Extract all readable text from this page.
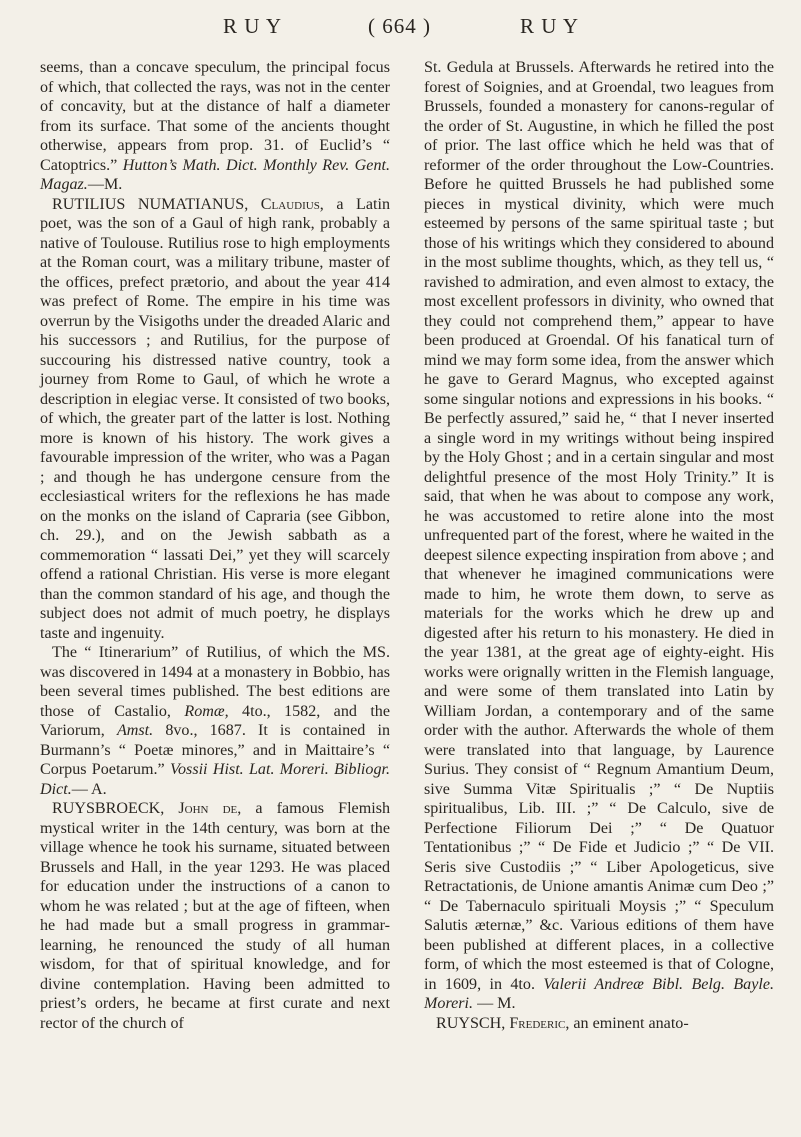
R U Y	( 664 )	R U Y

seems, than a concave speculum, the principal focus of which, that collected the rays, was not in the center of concavity, but at the distance of half a diameter from its surface. That some of the ancients thought otherwise, appears from prop. 31. of Euclid’s “ Catoptrics.” Hutton’s Math. Dict. Monthly Rev. Gent. Magaz.—M.

RUTILIUS NUMATIANUS, Claudius, a Latin poet, was the son of a Gaul of high rank, probably a native of Toulouse. Rutilius rose to high employments at the Roman court, was a military tribune, master of the offices, prefect prætorio, and about the year 414 was prefect of Rome. The empire in his time was overrun by the Visigoths under the dreaded Alaric and his successors ; and Rutilius, for the purpose of succouring his distressed native country, took a journey from Rome to Gaul, of which he wrote a description in elegiac verse. It consisted of two books, of which, the greater part of the latter is lost. Nothing more is known of his history. The work gives a favourable impression of the writer, who was a Pagan ; and though he has undergone censure from the ecclesiastical writers for the reflexions he has made on the monks on the island of Capraria (see Gibbon, ch. 29.), and on the Jewish sabbath as a commemoration “ lassati Dei,” yet they will scarcely offend a rational Christian. His verse is more elegant than the common standard of his age, and though the subject does not admit of much poetry, he displays taste and ingenuity.

The “ Itinerarium” of Rutilius, of which the MS. was discovered in 1494 at a monastery in Bobbio, has been several times published. The best editions are those of Castalio, Romæ, 4to., 1582, and the Variorum, Amst. 8vo., 1687. It is contained in Burmann’s “ Poetæ minores,” and in Maittaire’s “ Corpus Poetarum.” Vossii Hist. Lat. Moreri. Bibliogr. Dict.— A.

RUYSBROECK, John de, a famous Flemish mystical writer in the 14th century, was born at the village whence he took his surname, situated between Brussels and Hall, in the year 1293. He was placed for education under the instructions of a canon to whom he was related ; but at the age of fifteen, when he had made but a small progress in grammar-learning, he renounced the study of all human wisdom, for that of spiritual knowledge, and for divine contemplation. Having been admitted to priest’s orders, he became at first curate and next rector of the church of

St. Gedula at Brussels. Afterwards he retired into the forest of Soignies, and at Groendal, two leagues from Brussels, founded a monastery for canons-regular of the order of St. Augustine, in which he filled the post of prior. The last office which he held was that of reformer of the order throughout the Low-Countries. Before he quitted Brussels he had published some pieces in mystical divinity, which were much esteemed by persons of the same spiritual taste ; but those of his writings which they considered to abound in the most sublime thoughts, which, as they tell us, “ ravished to admiration, and even almost to extacy, the most excellent professors in divinity, who owned that they could not comprehend them,” appear to have been produced at Groendal. Of his fanatical turn of mind we may form some idea, from the answer which he gave to Gerard Magnus, who excepted against some singular notions and expressions in his books. “ Be perfectly assured,” said he, “ that I never inserted a single word in my writings without being inspired by the Holy Ghost ; and in a certain singular and most delightful presence of the most Holy Trinity.” It is said, that when he was about to compose any work, he was accustomed to retire alone into the most unfrequented part of the forest, where he waited in the deepest silence expecting inspiration from above ; and that whenever he imagined communications were made to him, he wrote them down, to serve as materials for the works which he drew up and digested after his return to his monastery. He died in the year 1381, at the great age of eighty-eight. His works were orignally written in the Flemish language, and were some of them translated into Latin by William Jordan, a contemporary and of the same order with the author. Afterwards the whole of them were translated into that language, by Laurence Surius. They consist of “ Regnum Amantium Deum, sive Summa Vitæ Spiritualis ;” “ De Nuptiis spiritualibus, Lib. III. ;” “ De Calculo, sive de Perfectione Filiorum Dei ;” “ De Quatuor Tentationibus ;” “ De Fide et Judicio ;” “ De VII. Seris sive Custodiis ;” “ Liber Apologeticus, sive Retractationis, de Unione amantis Animæ cum Deo ;” “ De Tabernaculo spirituali Moysis ;” “ Speculum Salutis æternæ,” &c. Various editions of them have been published at different places, in a collective form, of which the most esteemed is that of Cologne, in 1609, in 4to. Valerii Andreæ Bibl. Belg. Bayle. Moreri. — M.

RUYSCH, Frederic, an eminent anato-
